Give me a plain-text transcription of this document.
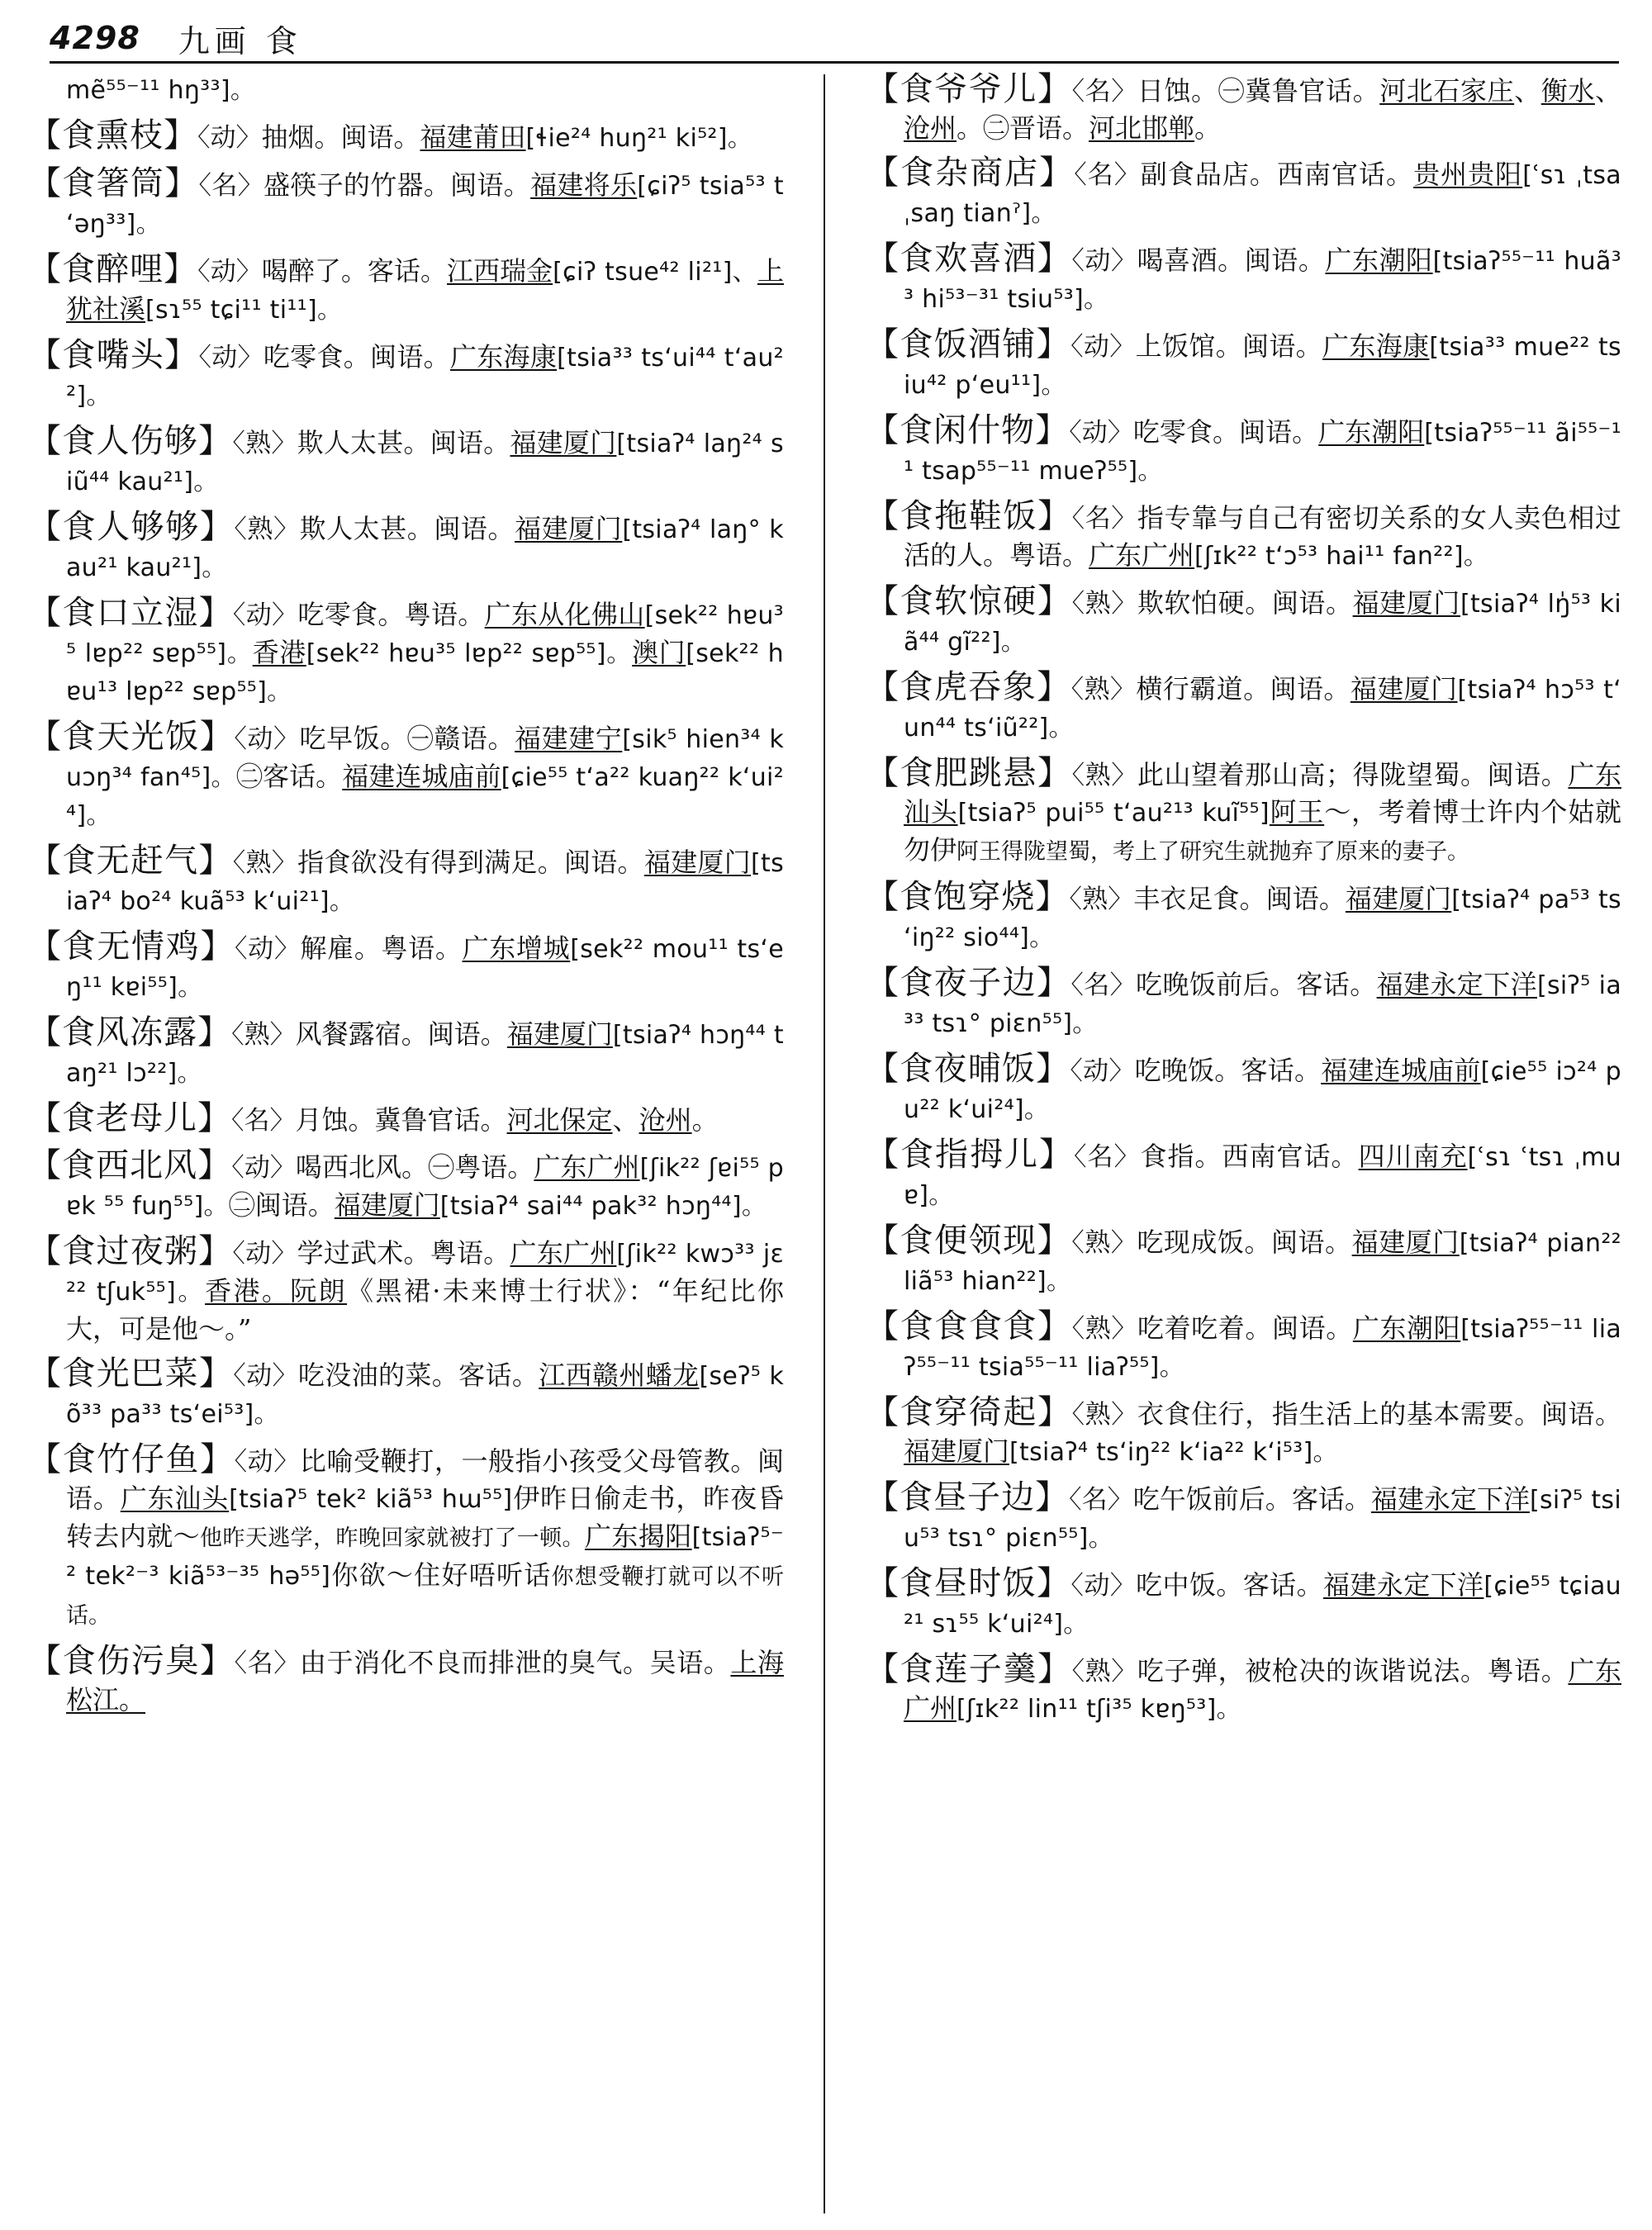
4298 九画 食

mẽ⁵⁵⁻¹¹ hŋ³³]。

【食熏枝】〈动〉抽烟。闽语。福建莆田[ɬie²⁴ huŋ²¹ ki⁵²]。

【食箸筒】〈名〉盛筷子的竹器。闽语。福建将乐[ɕiʔ⁵ tsia⁵³ tʻəŋ³³]。

【食醉哩】〈动〉喝醉了。客话。江西瑞金[ɕiʔ tsue⁴² li²¹]、上犹社溪[sɿ⁵⁵ tɕi¹¹ ti¹¹]。

【食嘴头】〈动〉吃零食。闽语。广东海康[tsia³³ tsʻui⁴⁴ tʻau²²]。

【食人伤够】〈熟〉欺人太甚。闽语。福建厦门[tsiaʔ⁴ laŋ²⁴ siũ⁴⁴ kau²¹]。

【食人够够】〈熟〉欺人太甚。闽语。福建厦门[tsiaʔ⁴ laŋ° kau²¹ kau²¹]。

【食口立湿】〈动〉吃零食。粤语。广东从化佛山[sek²² hɐu³⁵ lɐp²² sɐp⁵⁵]。香港[sek²² hɐu³⁵ lɐp²² sɐp⁵⁵]。澳门[sek²² hɐu¹³ lɐp²² sɐp⁵⁵]。

【食天光饭】〈动〉吃早饭。㊀赣语。福建建宁[sik⁵ hien³⁴ kuɔŋ³⁴ fan⁴⁵]。㊁客话。福建连城庙前[ɕie⁵⁵ tʻa²² kuaŋ²² kʻui²⁴]。

【食无赶气】〈熟〉指食欲没有得到满足。闽语。福建厦门[tsiaʔ⁴ bo²⁴ kuã⁵³ kʻui²¹]。

【食无情鸡】〈动〉解雇。粤语。广东增城[sek²² mou¹¹ tsʻeŋ¹¹ kɐi⁵⁵]。

【食风冻露】〈熟〉风餐露宿。闽语。福建厦门[tsiaʔ⁴ hɔŋ⁴⁴ taŋ²¹ lɔ²²]。

【食老母儿】〈名〉月蚀。冀鲁官话。河北保定、沧州。

【食西北风】〈动〉喝西北风。㊀粤语。广东广州[ʃik²² ʃɐi⁵⁵ pɐk ⁵⁵ fuŋ⁵⁵]。㊁闽语。福建厦门[tsiaʔ⁴ sai⁴⁴ pak³² hɔŋ⁴⁴]。

【食过夜粥】〈动〉学过武术。粤语。广东广州[ʃik²² kwɔ³³ jɛ²² tʃuk⁵⁵]。香港。阮朗《黑裙·未来博士行状》：“年纪比你大，可是他～。”

【食光巴菜】〈动〉吃没油的菜。客话。江西赣州蟠龙[seʔ⁵ kõ³³ pa³³ tsʻei⁵³]。

【食竹仔鱼】〈动〉比喻受鞭打，一般指小孩受父母管教。闽语。广东汕头[tsiaʔ⁵ tek² kiã⁵³ hɯ⁵⁵]伊昨日偷走书，昨夜昏转去内就～他昨天逃学，昨晚回家就被打了一顿。广东揭阳[tsiaʔ⁵⁻² tek²⁻³ kiã⁵³⁻³⁵ hə⁵⁵]你欲～住好唔听话你想受鞭打就可以不听话。

【食伤污臭】〈名〉由于消化不良而排泄的臭气。吴语。上海松江。

【食爷爷儿】〈名〉日蚀。㊀冀鲁官话。河北石家庄、衡水、沧州。㊁晋语。河北邯郸。

【食杂商店】〈名〉副食品店。西南官话。贵州贵阳[ʿsɿ ˌtsa ˌsaŋ tianˀ]。

【食欢喜酒】〈动〉喝喜酒。闽语。广东潮阳[tsiaʔ⁵⁵⁻¹¹ huã³³ hi⁵³⁻³¹ tsiu⁵³]。

【食饭酒铺】〈动〉上饭馆。闽语。广东海康[tsia³³ mue²² tsiu⁴² pʻeu¹¹]。

【食闲什物】〈动〉吃零食。闽语。广东潮阳[tsiaʔ⁵⁵⁻¹¹ ãi⁵⁵⁻¹¹ tsap⁵⁵⁻¹¹ mueʔ⁵⁵]。

【食拖鞋饭】〈名〉指专靠与自己有密切关系的女人卖色相过活的人。粤语。广东广州[ʃɪk²² tʻɔ⁵³ hai¹¹ fan²²]。

【食软惊硬】〈熟〉欺软怕硬。闽语。福建厦门[tsiaʔ⁴ lŋ̍⁵³ kiã⁴⁴ gĩ²²]。

【食虎吞象】〈熟〉横行霸道。闽语。福建厦门[tsiaʔ⁴ hɔ⁵³ tʻun⁴⁴ tsʻiũ²²]。

【食肥跳悬】〈熟〉此山望着那山高；得陇望蜀。闽语。广东汕头[tsiaʔ⁵ pui⁵⁵ tʻau²¹³ kuĩ⁵⁵]阿王～，考着博士许内个姑就勿伊阿王得陇望蜀，考上了研究生就抛弃了原来的妻子。

【食饱穿烧】〈熟〉丰衣足食。闽语。福建厦门[tsiaʔ⁴ pa⁵³ tsʻiŋ²² sio⁴⁴]。

【食夜子边】〈名〉吃晚饭前后。客话。福建永定下洋[siʔ⁵ ia³³ tsɿ° piɛn⁵⁵]。

【食夜晡饭】〈动〉吃晚饭。客话。福建连城庙前[ɕie⁵⁵ iɔ²⁴ pu²² kʻui²⁴]。

【食指拇儿】〈名〉食指。西南官话。四川南充[ʿsɿ ʿtsɿ ˌmuɐ]。

【食便领现】〈熟〉吃现成饭。闽语。福建厦门[tsiaʔ⁴ pian²² liã⁵³ hian²²]。

【食食食食】〈熟〉吃着吃着。闽语。广东潮阳[tsiaʔ⁵⁵⁻¹¹ liaʔ⁵⁵⁻¹¹ tsia⁵⁵⁻¹¹ liaʔ⁵⁵]。

【食穿徛起】〈熟〉衣食住行，指生活上的基本需要。闽语。福建厦门[tsiaʔ⁴ tsʻiŋ²² kʻia²² kʻi⁵³]。

【食昼子边】〈名〉吃午饭前后。客话。福建永定下洋[siʔ⁵ tsiu⁵³ tsɿ° piɛn⁵⁵]。

【食昼时饭】〈动〉吃中饭。客话。福建永定下洋[ɕie⁵⁵ tɕiau²¹ sɿ⁵⁵ kʻui²⁴]。

【食莲子羹】〈熟〉吃子弹，被枪决的诙谐说法。粤语。广东广州[ʃɪk²² lin¹¹ tʃi³⁵ kɐŋ⁵³]。
